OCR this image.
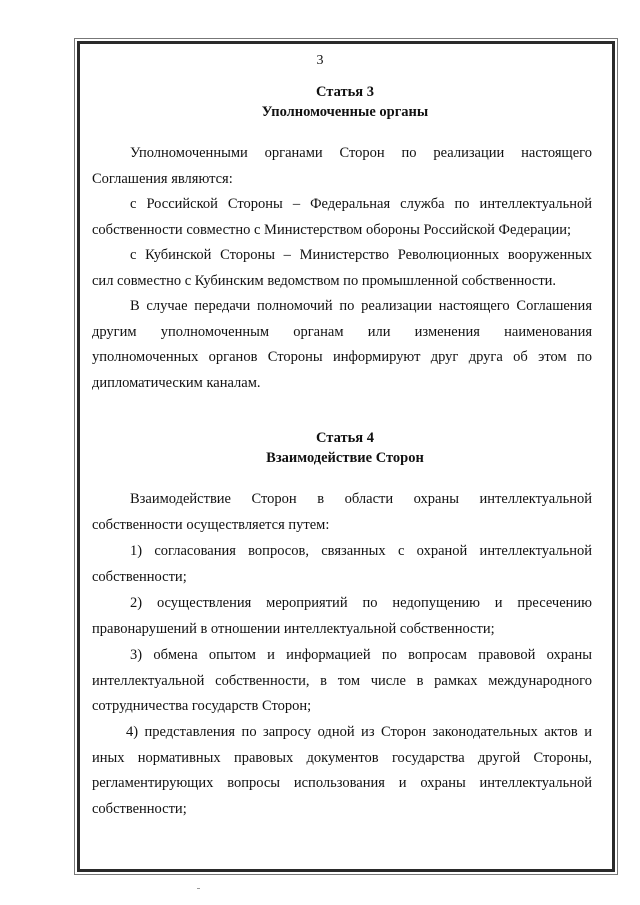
3
Статья 3
Уполномоченные органы
Уполномоченными органами Сторон по реализации настоящего
Соглашения являются:
с Российской Стороны – Федеральная служба по интеллектуальной
собственности совместно с Министерством обороны Российской Федерации;
с Кубинской Стороны – Министерство Революционных вооруженных
сил совместно с Кубинским ведомством по промышленной собственности.
В случае передачи полномочий по реализации настоящего Соглашения
другим уполномоченным органам или изменения наименования
уполномоченных органов Стороны информируют друг друга об этом по
дипломатическим каналам.
Статья 4
Взаимодействие Сторон
Взаимодействие Сторон в области охраны интеллектуальной
собственности осуществляется путем:
1) согласования вопросов, связанных с охраной интеллектуальной
собственности;
2) осуществления мероприятий по недопущению и пресечению
правонарушений в отношении интеллектуальной собственности;
3) обмена опытом и информацией по вопросам правовой охраны
интеллектуальной собственности, в том числе в рамках международного
сотрудничества государств Сторон;
4) представления по запросу одной из Сторон законодательных актов и
иных нормативных правовых документов государства другой Стороны,
регламентирующих вопросы использования и охраны интеллектуальной
собственности;
